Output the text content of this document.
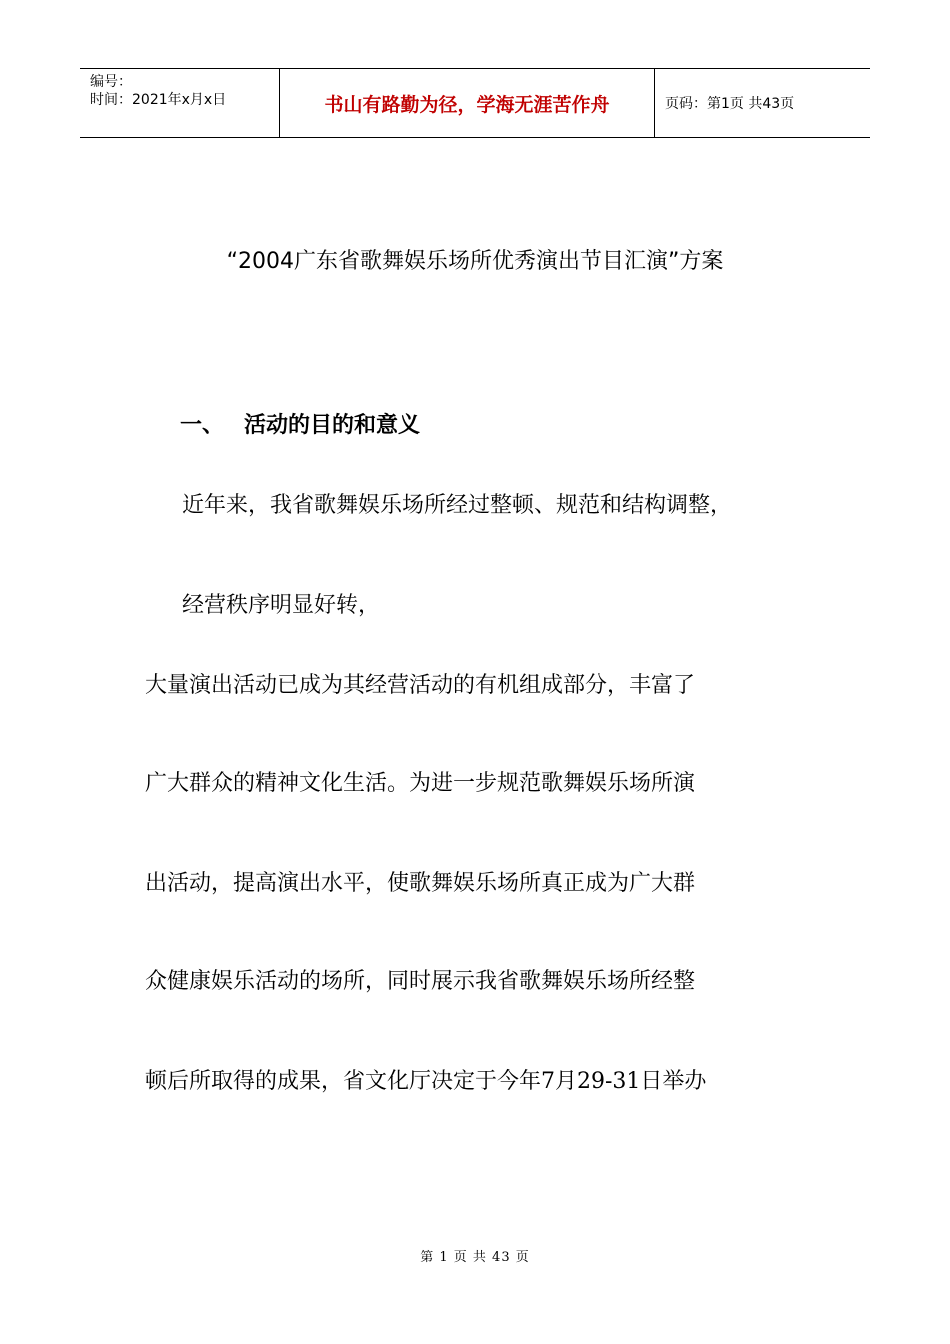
编号：
时间：2021年x月x日	书山有路勤为径，学海无涯苦作舟	页码：第1页 共43页
“2004广东省歌舞娱乐场所优秀演出节目汇演”方案
一、 活动的目的和意义
近年来，我省歌舞娱乐场所经过整顿、规范和结构调整，
经营秩序明显好转，
大量演出活动已成为其经营活动的有机组成部分，丰富了
广大群众的精神文化生活。为进一步规范歌舞娱乐场所演
出活动，提高演出水平，使歌舞娱乐场所真正成为广大群
众健康娱乐活动的场所，同时展示我省歌舞娱乐场所经整
顿后所取得的成果，省文化厅决定于今年7月29-31日举办
第 1 页 共 43 页
